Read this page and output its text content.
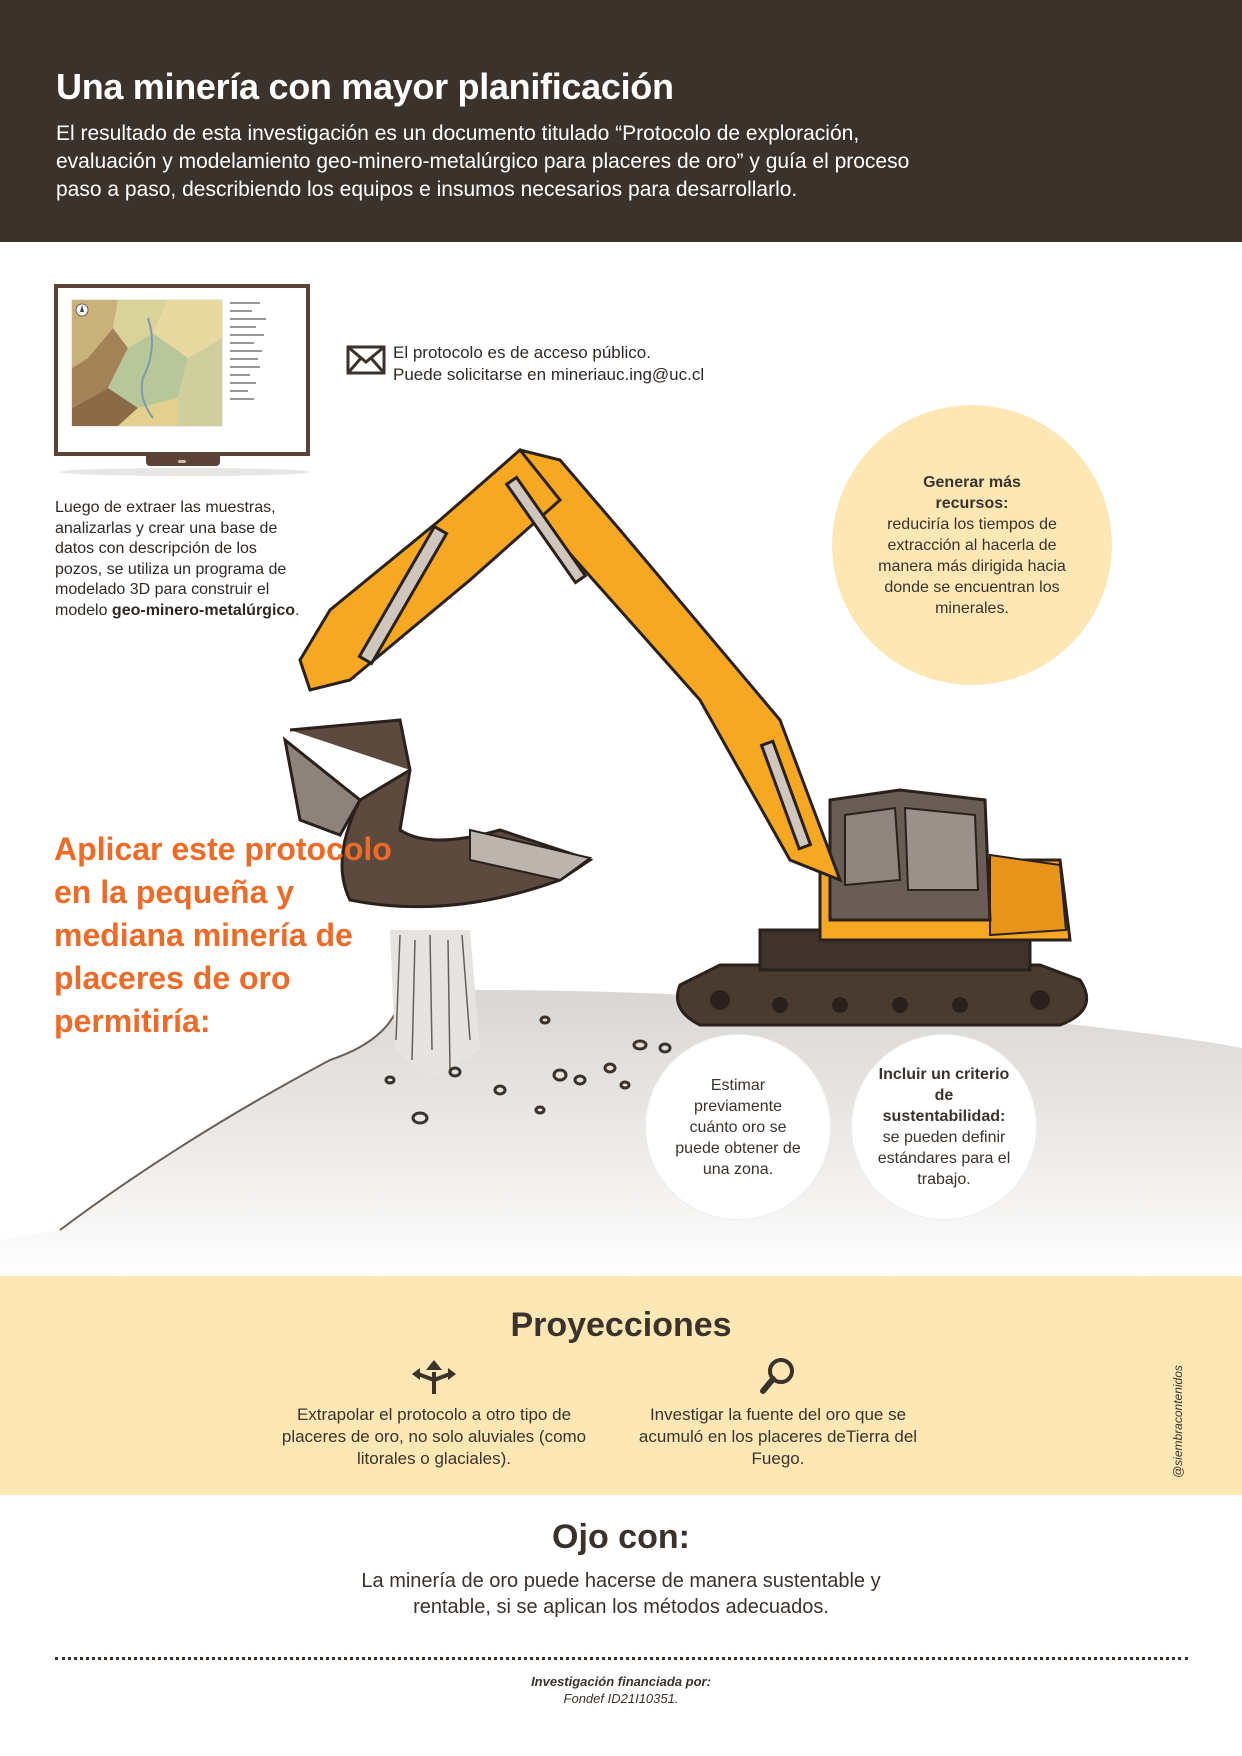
Una minería con mayor planificación

El resultado de esta investigación es un documento titulado “Protocolo de exploración, evaluación y modelamiento geo-minero-metalúrgico para placeres de oro” y guía el proceso paso a paso, describiendo los equipos e insumos necesarios para desarrollarlo.

Luego de extraer las muestras, analizarlas y crear una base de datos con descripción de los pozos, se utiliza un programa de modelado 3D para construir el modelo geo-minero-metalúrgico.

El protocolo es de acceso público.
Puede solicitarse en mineriauc.ing@uc.cl
Aplicar este protocolo en la pequeña y mediana minería de placeres de oro permitiría:
Generar más recursos:
reduciría los tiempos de extracción al hacerla de manera más dirigida hacia donde se encuentran los minerales.
Estimar previamente cuánto oro se puede obtener de una zona.
Incluir un criterio de sustentabilidad:
se pueden definir estándares para el trabajo.
Proyecciones

Extrapolar el protocolo a otro tipo de placeres de oro, no solo aluviales (como litorales o glaciales).

Investigar la fuente del oro que se acumuló en los placeres deTierra del Fuego.	@siembracontenidos
Ojo con:

La minería de oro puede hacerse de manera sustentable y rentable, si se aplican los métodos adecuados.

Investigación financiada por:
Fondef ID21I10351.
